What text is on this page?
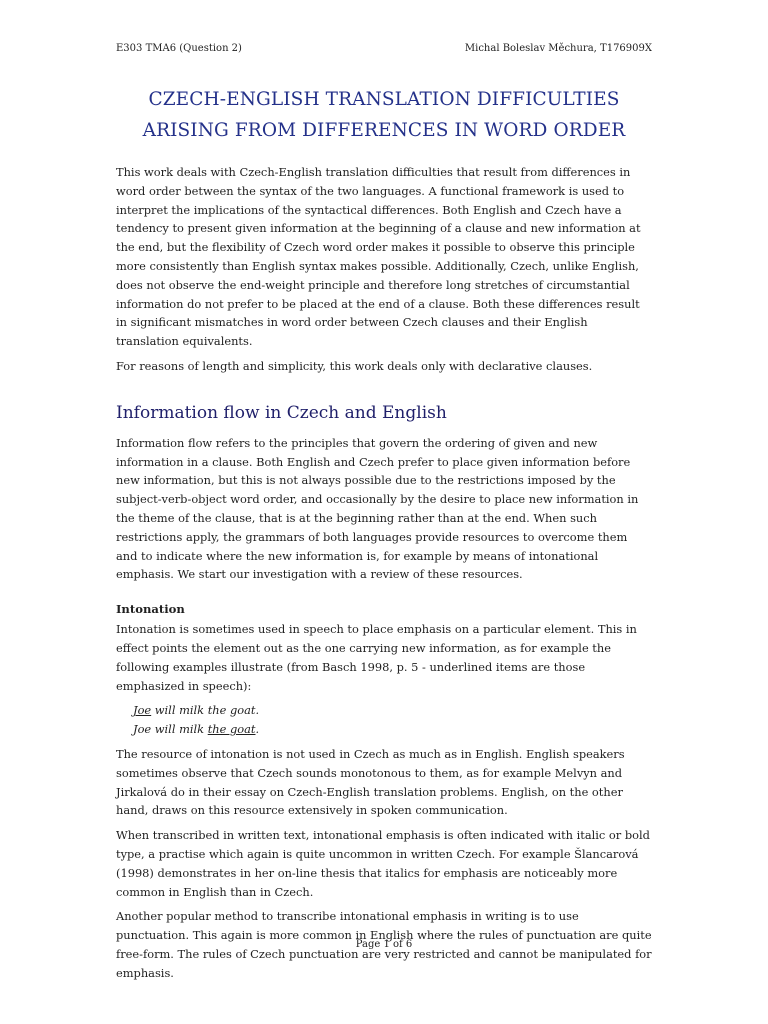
E303 TMA6 (Question 2)	Michal Boleslav Měchura, T176909X
CZECH-ENGLISH TRANSLATION DIFFICULTIES
ARISING FROM DIFFERENCES IN WORD ORDER

This work deals with Czech-English translation difficulties that result from differences in word order between the syntax of the two languages. A functional framework is used to interpret the implications of the syntactical differences. Both English and Czech have a tendency to present given information at the beginning of a clause and new information at the end, but the flexibility of Czech word order makes it possible to observe this principle more consistently than English syntax makes possible. Additionally, Czech, unlike English, does not observe the end-weight principle and therefore long stretches of circumstantial information do not prefer to be placed at the end of a clause. Both these differences result in significant mismatches in word order between Czech clauses and their English translation equivalents.

For reasons of length and simplicity, this work deals only with declarative clauses.

Information flow in Czech and English

Information flow refers to the principles that govern the ordering of given and new information in a clause. Both English and Czech prefer to place given information before new information, but this is not always possible due to the restrictions imposed by the subject-verb-object word order, and occasionally by the desire to place new information in the theme of the clause, that is at the beginning rather than at the end. When such restrictions apply, the grammars of both languages provide resources to overcome them and to indicate where the new information is, for example by means of intonational emphasis. We start our investigation with a review of these resources.

Intonation

Intonation is sometimes used in speech to place emphasis on a particular element. This in effect points the element out as the one carrying new information, as for example the following examples illustrate (from Basch 1998, p. 5 - underlined items are those emphasized in speech):

Joe will milk the goat.
Joe will milk the goat.

The resource of intonation is not used in Czech as much as in English. English speakers sometimes observe that Czech sounds monotonous to them, as for example Melvyn and Jirkalová do in their essay on Czech-English translation problems. English, on the other hand, draws on this resource extensively in spoken communication.

When transcribed in written text, intonational emphasis is often indicated with italic or bold type, a practise which again is quite uncommon in written Czech. For example Šlancarová (1998) demonstrates in her on-line thesis that italics for emphasis are noticeably more common in English than in Czech.

Another popular method to transcribe intonational emphasis in writing is to use punctuation. This again is more common in English where the rules of punctuation are quite free-form. The rules of Czech punctuation are very restricted and cannot be manipulated for emphasis.

Page 1 of 6
